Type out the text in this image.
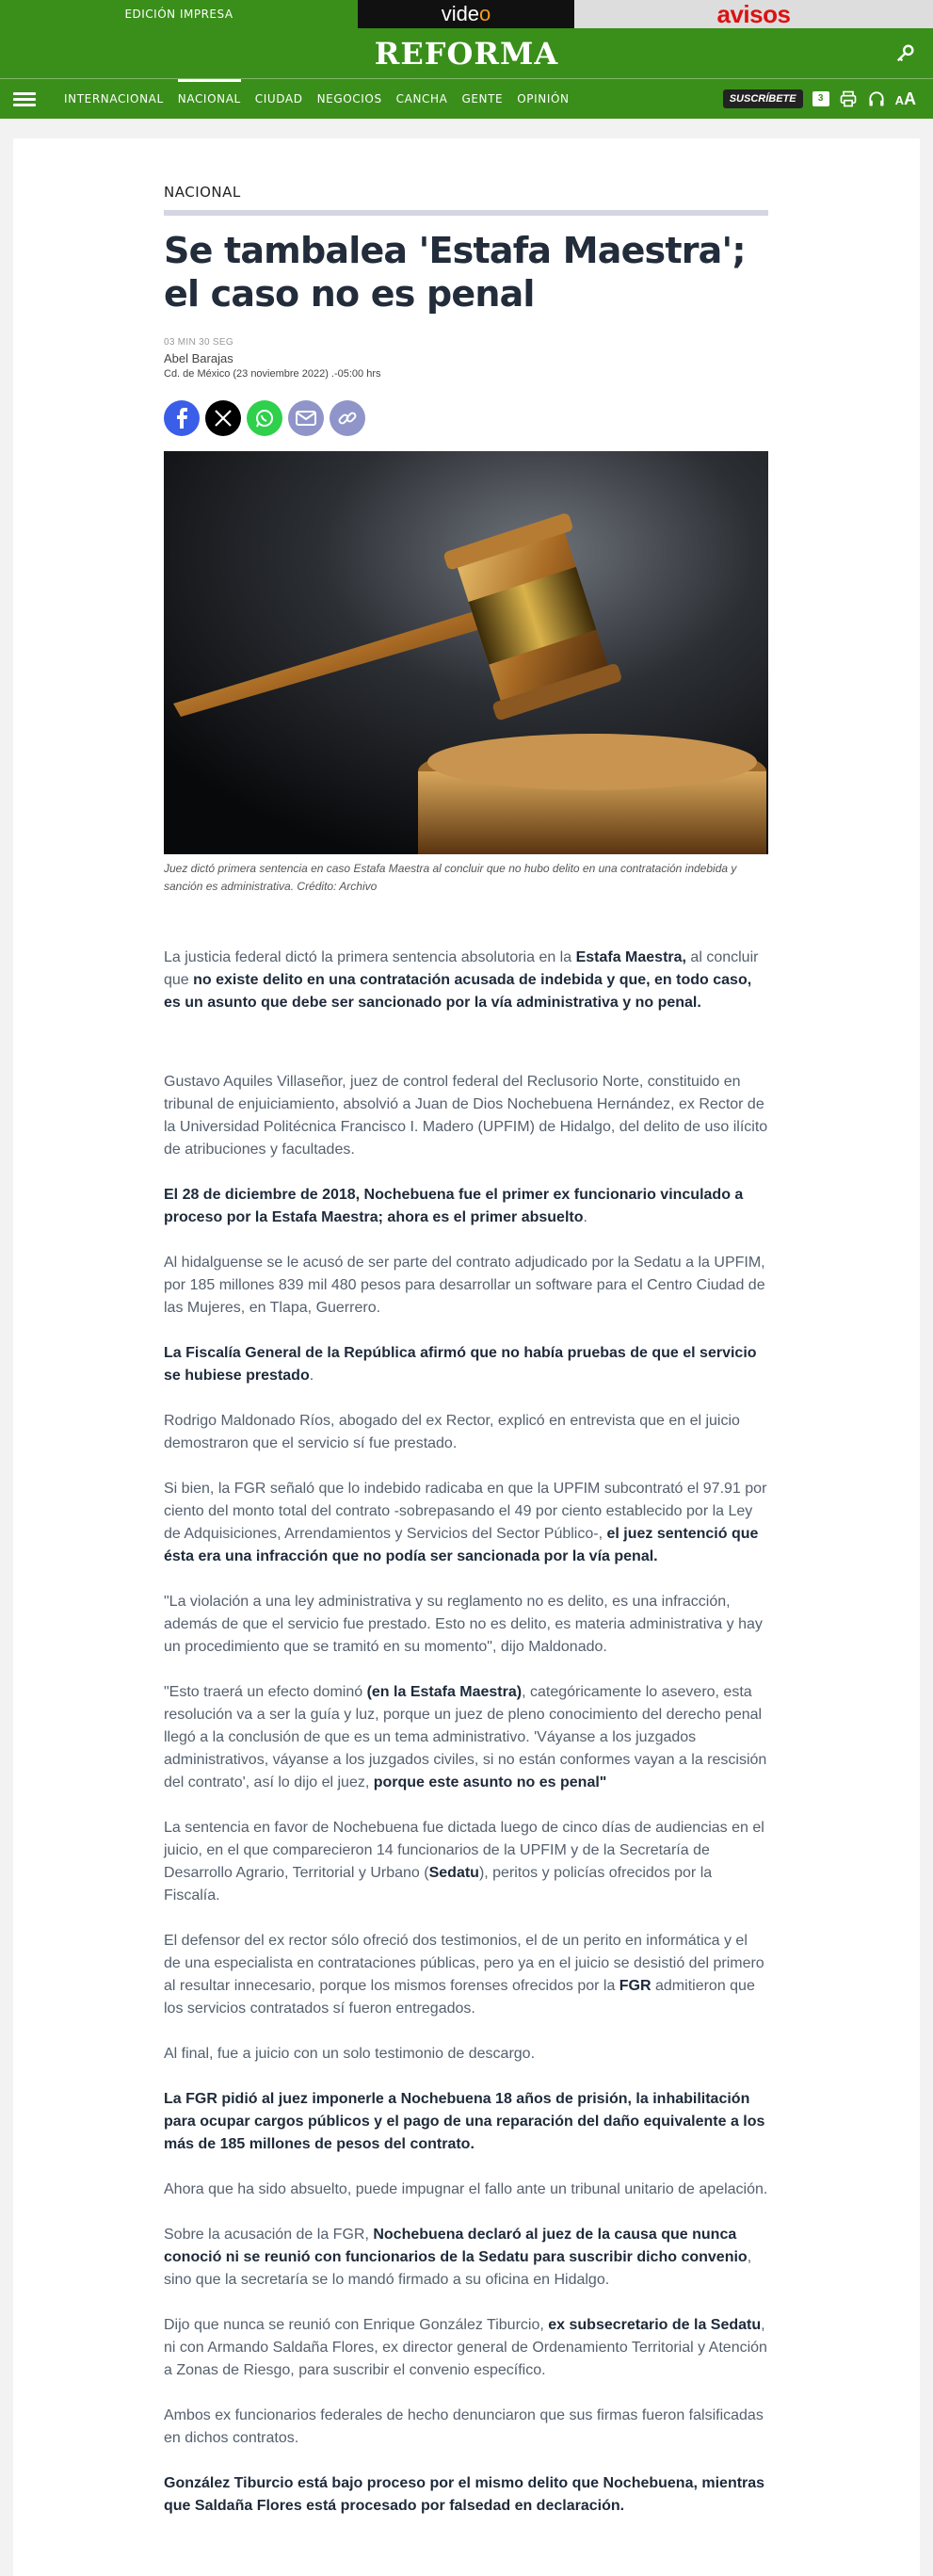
EDICIÓN IMPRESA	vide o	avisos
REFORMA
INTERNACIONAL NACIONAL CIUDAD NEGOCIOS CANCHA GENTE OPINIÓN	SUSCRÍBETE	3	AA
NACIONAL
Se tambalea 'Estafa Maestra'; el caso no es penal
03 MIN 30 SEG
Abel Barajas
Cd. de México (23 noviembre 2022) .-05:00 hrs
Juez dictó primera sentencia en caso Estafa Maestra al concluir que no hubo delito en una contratación indebida y sanción es administrativa. Crédito: Archivo

La justicia federal dictó la primera sentencia absolutoria en la Estafa Maestra, al concluir que no existe delito en una contratación acusada de indebida y que, en todo caso, es un asunto que debe ser sancionado por la vía administrativa y no penal.

Gustavo Aquiles Villaseñor, juez de control federal del Reclusorio Norte, constituido en tribunal de enjuiciamiento, absolvió a Juan de Dios Nochebuena Hernández, ex Rector de la Universidad Politécnica Francisco I. Madero (UPFIM) de Hidalgo, del delito de uso ilícito de atribuciones y facultades.

El 28 de diciembre de 2018, Nochebuena fue el primer ex funcionario vinculado a proceso por la Estafa Maestra; ahora es el primer absuelto.

Al hidalguense se le acusó de ser parte del contrato adjudicado por la Sedatu a la UPFIM, por 185 millones 839 mil 480 pesos para desarrollar un software para el Centro Ciudad de las Mujeres, en Tlapa, Guerrero.

La Fiscalía General de la República afirmó que no había pruebas de que el servicio se hubiese prestado.

Rodrigo Maldonado Ríos, abogado del ex Rector, explicó en entrevista que en el juicio demostraron que el servicio sí fue prestado.

Si bien, la FGR señaló que lo indebido radicaba en que la UPFIM subcontrató el 97.91 por ciento del monto total del contrato -sobrepasando el 49 por ciento establecido por la Ley de Adquisiciones, Arrendamientos y Servicios del Sector Público-, el juez sentenció que ésta era una infracción que no podía ser sancionada por la vía penal.

"La violación a una ley administrativa y su reglamento no es delito, es una infracción, además de que el servicio fue prestado. Esto no es delito, es materia administrativa y hay un procedimiento que se tramitó en su momento", dijo Maldonado.

"Esto traerá un efecto dominó (en la Estafa Maestra), categóricamente lo asevero, esta resolución va a ser la guía y luz, porque un juez de pleno conocimiento del derecho penal llegó a la conclusión de que es un tema administrativo. 'Váyanse a los juzgados administrativos, váyanse a los juzgados civiles, si no están conformes vayan a la rescisión del contrato', así lo dijo el juez, porque este asunto no es penal"

La sentencia en favor de Nochebuena fue dictada luego de cinco días de audiencias en el juicio, en el que comparecieron 14 funcionarios de la UPFIM y de la Secretaría de Desarrollo Agrario, Territorial y Urbano (Sedatu), peritos y policías ofrecidos por la Fiscalía.

El defensor del ex rector sólo ofreció dos testimonios, el de un perito en informática y el de una especialista en contrataciones públicas, pero ya en el juicio se desistió del primero al resultar innecesario, porque los mismos forenses ofrecidos por la FGR admitieron que los servicios contratados sí fueron entregados.

Al final, fue a juicio con un solo testimonio de descargo.

La FGR pidió al juez imponerle a Nochebuena 18 años de prisión, la inhabilitación para ocupar cargos públicos y el pago de una reparación del daño equivalente a los más de 185 millones de pesos del contrato.

Ahora que ha sido absuelto, puede impugnar el fallo ante un tribunal unitario de apelación.

Sobre la acusación de la FGR, Nochebuena declaró al juez de la causa que nunca conoció ni se reunió con funcionarios de la Sedatu para suscribir dicho convenio, sino que la secretaría se lo mandó firmado a su oficina en Hidalgo.

Dijo que nunca se reunió con Enrique González Tiburcio, ex subsecretario de la Sedatu, ni con Armando Saldaña Flores, ex director general de Ordenamiento Territorial y Atención a Zonas de Riesgo, para suscribir el convenio específico.

Ambos ex funcionarios federales de hecho denunciaron que sus firmas fueron falsificadas en dichos contratos.

González Tiburcio está bajo proceso por el mismo delito que Nochebuena, mientras que Saldaña Flores está procesado por falsedad en declaración.
